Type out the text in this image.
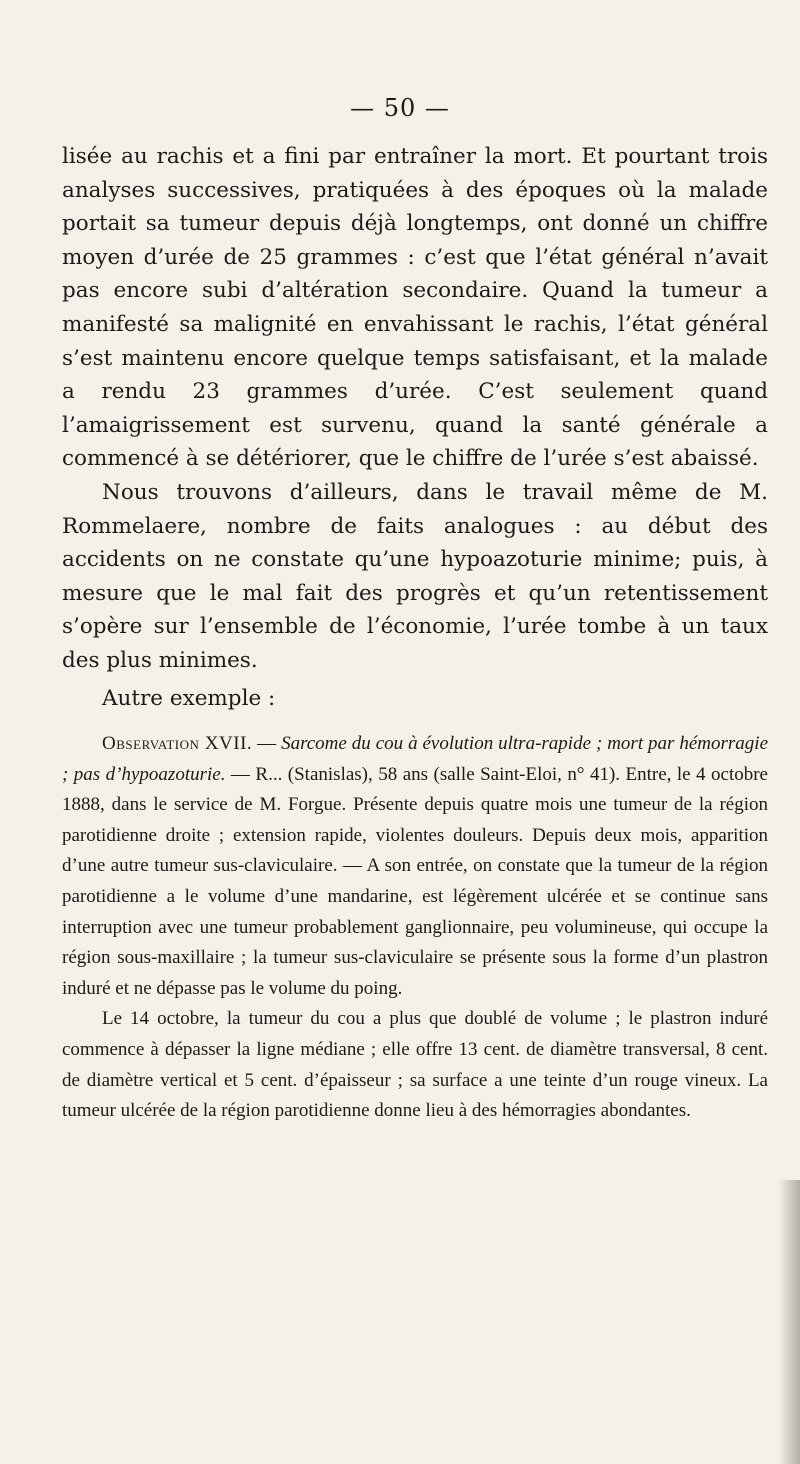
— 50 —

lisée au rachis et a fini par entraîner la mort. Et pourtant trois analyses successives, pratiquées à des époques où la malade portait sa tumeur depuis déjà longtemps, ont donné un chiffre moyen d’urée de 25 grammes : c’est que l’état général n’avait pas encore subi d’altération secondaire. Quand la tumeur a manifesté sa malignité en envahissant le rachis, l’état général s’est maintenu encore quelque temps satisfaisant, et la malade a rendu 23 grammes d’urée. C’est seulement quand l’amaigrissement est survenu, quand la santé générale a commencé à se détériorer, que le chiffre de l’urée s’est abaissé.

Nous trouvons d’ailleurs, dans le travail même de M. Rommelaere, nombre de faits analogues : au début des accidents on ne constate qu’une hypoazoturie minime; puis, à mesure que le mal fait des progrès et qu’un retentissement s’opère sur l’ensemble de l’économie, l’urée tombe à un taux des plus minimes.

Autre exemple :

Observation XVII. — Sarcome du cou à évolution ultra-rapide ; mort par hémorragie ; pas d’hypoazoturie. — R... (Stanislas), 58 ans (salle Saint-Eloi, n° 41). Entre, le 4 octobre 1888, dans le service de M. Forgue. Présente depuis quatre mois une tumeur de la région parotidienne droite ; extension rapide, violentes douleurs. Depuis deux mois, apparition d’une autre tumeur sus-claviculaire. — A son entrée, on constate que la tumeur de la région parotidienne a le volume d’une mandarine, est légèrement ulcérée et se continue sans interruption avec une tumeur probablement ganglionnaire, peu volumineuse, qui occupe la région sous-maxillaire ; la tumeur sus-claviculaire se présente sous la forme d’un plastron induré et ne dépasse pas le volume du poing.

Le 14 octobre, la tumeur du cou a plus que doublé de volume ; le plastron induré commence à dépasser la ligne médiane ; elle offre 13 cent. de diamètre transversal, 8 cent. de diamètre vertical et 5 cent. d’épaisseur ; sa surface a une teinte d’un rouge vineux. La tumeur ulcérée de la région parotidienne donne lieu à des hémorragies abondantes.
